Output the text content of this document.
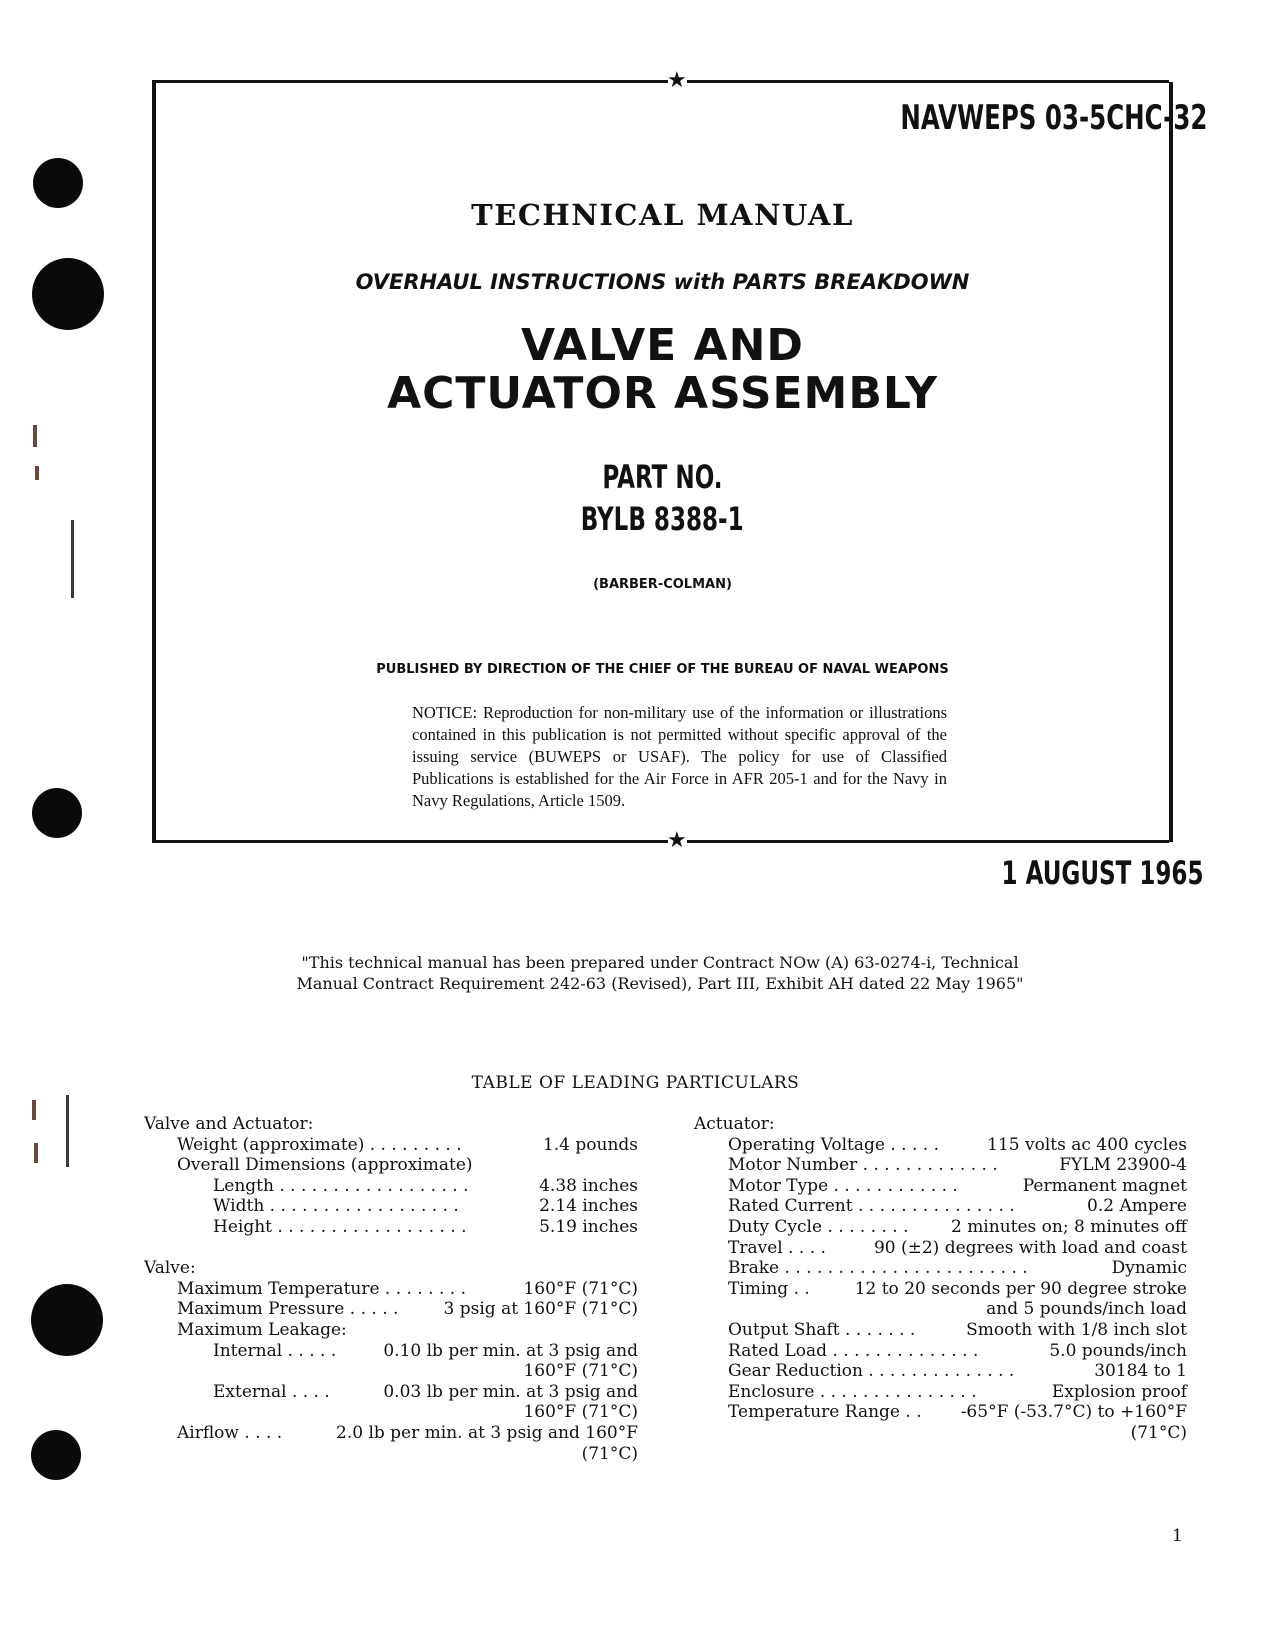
★
★
NAVWEPS 03-5CHC-32
TECHNICAL MANUAL
OVERHAUL INSTRUCTIONS with PARTS BREAKDOWN
VALVE AND
ACTUATOR ASSEMBLY
PART NO.
BYLB 8388-1
(BARBER-COLMAN)
PUBLISHED BY DIRECTION OF THE CHIEF OF THE BUREAU OF NAVAL WEAPONS
NOTICE: Reproduction for non-military use of the information or illustrations contained in this publication is not permitted without specific approval of the issuing service (BUWEPS or USAF). The policy for use of Classified Publications is established for the Air Force in AFR 205-1 and for the Navy in Navy Regulations, Article 1509.
1 AUGUST 1965
"This technical manual has been prepared under Contract NOw (A) 63-0274-i, Technical
Manual Contract Requirement 242-63 (Revised), Part III, Exhibit AH dated 22 May 1965"
TABLE OF LEADING PARTICULARS
Valve and Actuator:
Weight (approximate) . . . . . . . . .	1.4 pounds
Overall Dimensions (approximate)
Length . . . . . . . . . . . . . . . . . .	4.38 inches
Width . . . . . . . . . . . . . . . . . .	2.14 inches
Height . . . . . . . . . . . . . . . . . .	5.19 inches
Valve:
Maximum Temperature . . . . . . . .	160°F (71°C)
Maximum Pressure . . . . .	3 psig at 160°F (71°C)
Maximum Leakage:
Internal . . . . .	0.10 lb per min. at 3 psig and
160°F (71°C)
External . . . .	0.03 lb per min. at 3 psig and
160°F (71°C)
Airflow . . . .	2.0 lb per min. at 3 psig and 160°F
(71°C)
Actuator:
Operating Voltage . . . . .	115 volts ac 400 cycles
Motor Number . . . . . . . . . . . . .	FYLM 23900-4
Motor Type . . . . . . . . . . . .	Permanent magnet
Rated Current . . . . . . . . . . . . . . .	0.2 Ampere
Duty Cycle . . . . . . . . 2 minutes on; 8 minutes off
Travel . . . .	90 (±2) degrees with load and coast
Brake . . . . . . . . . . . . . . . . . . . . . . .	Dynamic
Timing . .	12 to 20 seconds per 90 degree stroke
and 5 pounds/inch load
Output Shaft . . . . . . .	Smooth with 1/8 inch slot
Rated Load . . . . . . . . . . . . . .	5.0 pounds/inch
Gear Reduction . . . . . . . . . . . . . .	30184 to 1
Enclosure . . . . . . . . . . . . . . .	Explosion proof
Temperature Range . . -65°F (-53.7°C) to +160°F
(71°C)
1
